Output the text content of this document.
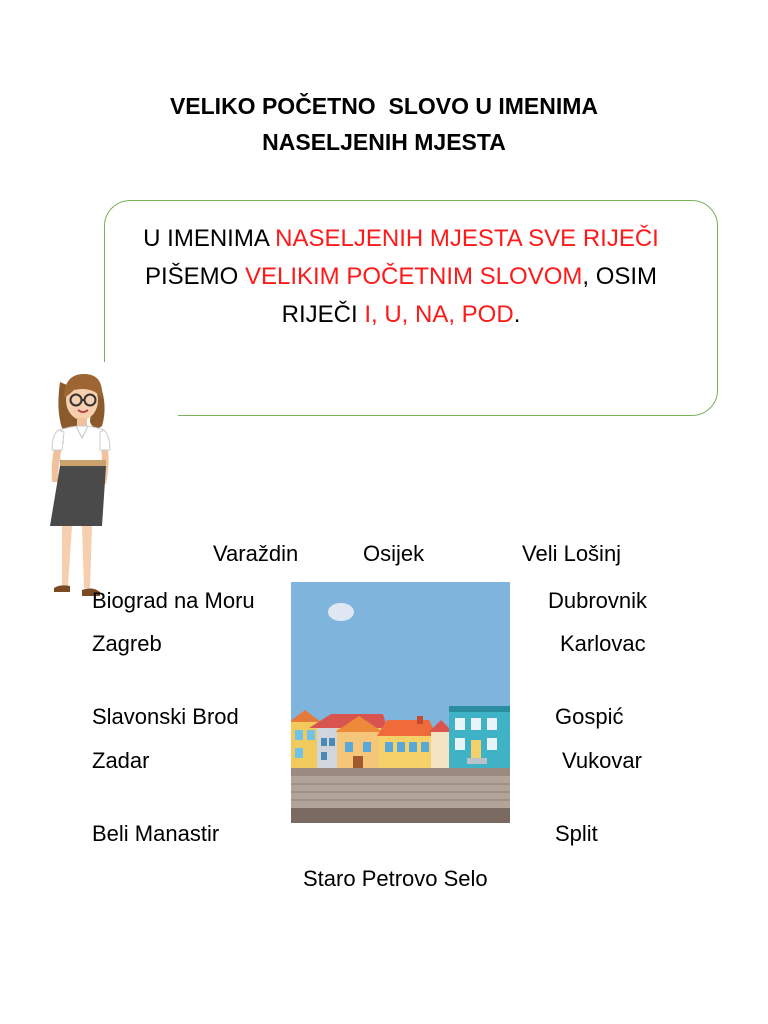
VELIKO POČETNO  SLOVO U IMENIMA
NASELJENIH MJESTA
U IMENIMA NASELJENIH MJESTA SVE RIJEČI
PIŠEMO VELIKIM POČETNIM SLOVOM, OSIM
RIJEČI I, U, NA, POD.
Varaždin	Osijek	Veli Lošinj
Biograd na Moru	Dubrovnik
Zagreb	Karlovac
Slavonski Brod	Gospić
Zadar	Vukovar
Beli Manastir	Split
Staro Petrovo Selo
